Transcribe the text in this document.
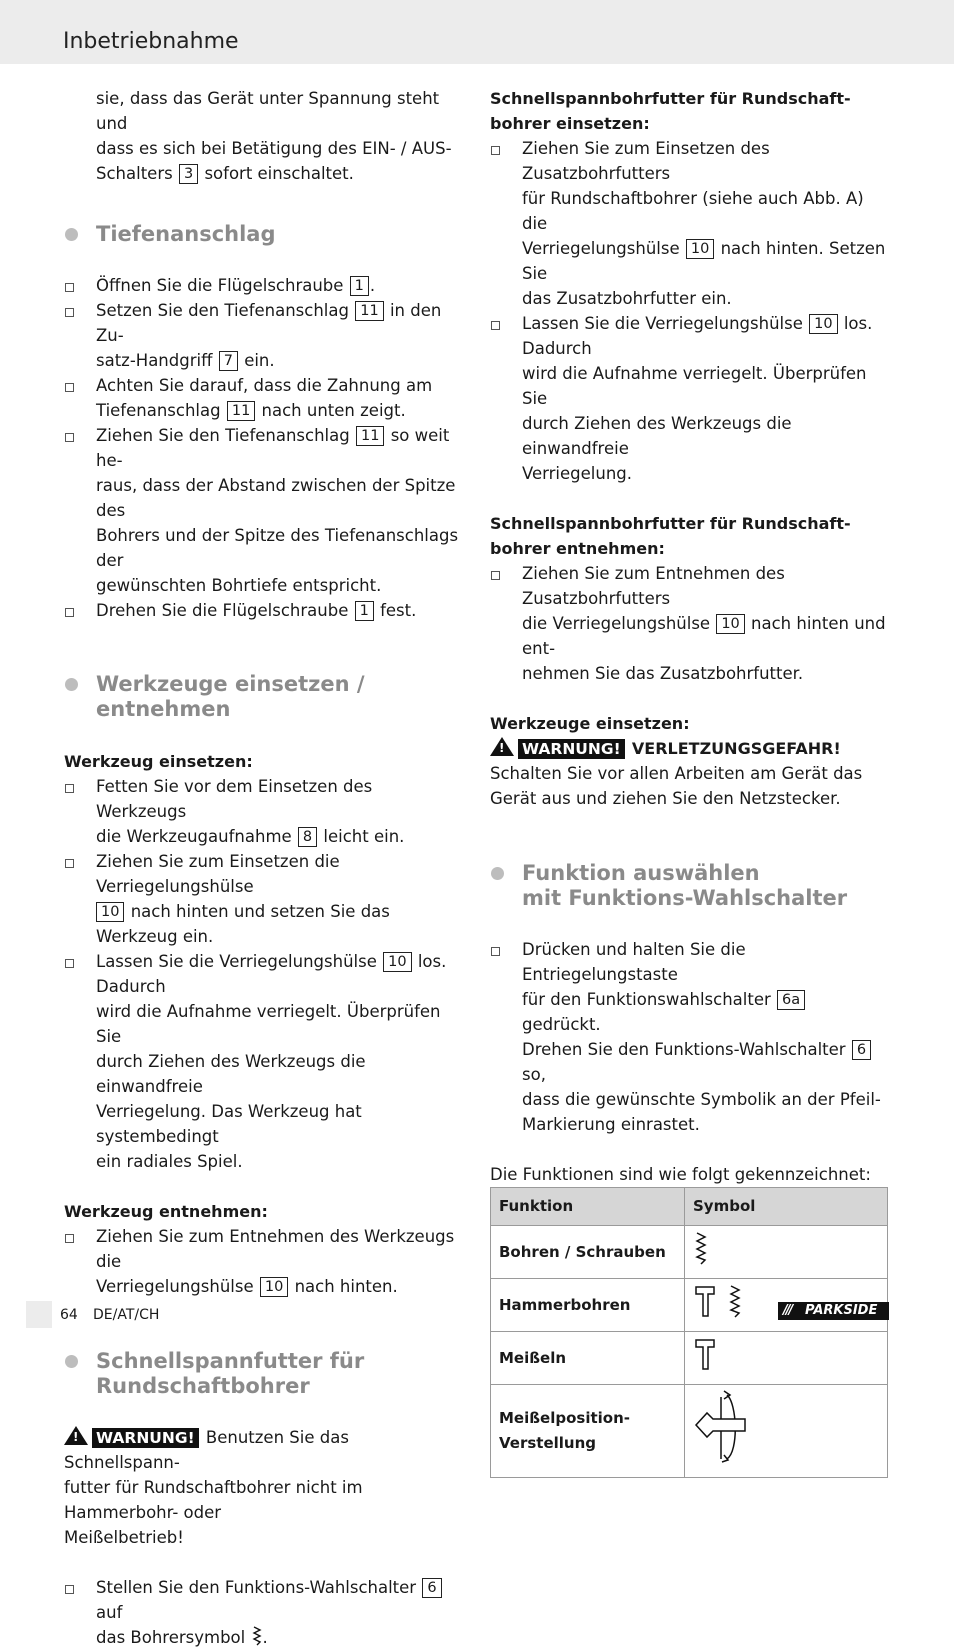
Inbetriebnahme
sie, dass das Gerät unter Spannung steht und
dass es sich bei Betätigung des EIN- / AUS-
Schalters 3 sofort einschaltet.
Tiefenanschlag
Öffnen Sie die Flügelschraube 1 .
Setzen Sie den Tiefenanschlag 11 in den Zu-
satz-Handgriff 7 ein.
Achten Sie darauf, dass die Zahnung am
Tiefenanschlag 11 nach unten zeigt.
Ziehen Sie den Tiefenanschlag 11 so weit he-
raus, dass der Abstand zwischen der Spitze des
Bohrers und der Spitze des Tiefenanschlags der
gewünschten Bohrtiefe entspricht.
Drehen Sie die Flügelschraube 1 fest.
Werkzeuge einsetzen /
entnehmen
Werkzeug einsetzen:
Fetten Sie vor dem Einsetzen des Werkzeugs
die Werkzeugaufnahme 8 leicht ein.
Ziehen Sie zum Einsetzen die Verriegelungshülse
10 nach hinten und setzen Sie das Werkzeug ein.
Lassen Sie die Verriegelungshülse 10 los. Dadurch
wird die Aufnahme verriegelt. Überprüfen Sie
durch Ziehen des Werkzeugs die einwandfreie
Verriegelung. Das Werkzeug hat systembedingt
ein radiales Spiel.
Werkzeug entnehmen:
Ziehen Sie zum Entnehmen des Werkzeugs die
Verriegelungshülse 10 nach hinten.
Schnellspannfutter für
Rundschaftbohrer
!WARNUNG! Benutzen Sie das Schnellspann-
futter für Rundschaftbohrer nicht im Hammerbohr- oder
Meißelbetrieb!
Stellen Sie den Funktions-Wahlschalter 6 auf
das Bohrersymbol .
Schnellspannbohrfutter für Rundschaft-
bohrer einsetzen:
Ziehen Sie zum Einsetzen des Zusatzbohrfutters
für Rundschaftbohrer (siehe auch Abb. A) die
Verriegelungshülse 10 nach hinten. Setzen Sie
das Zusatzbohrfutter ein.
Lassen Sie die Verriegelungshülse 10 los. Dadurch
wird die Aufnahme verriegelt. Überprüfen Sie
durch Ziehen des Werkzeugs die einwandfreie
Verriegelung.
Schnellspannbohrfutter für Rundschaft-
bohrer entnehmen:
Ziehen Sie zum Entnehmen des Zusatzbohrfutters
die Verriegelungshülse 10 nach hinten und ent-
nehmen Sie das Zusatzbohrfutter.
Werkzeuge einsetzen:
!WARNUNG! VERLETZUNGSGEFAHR!
Schalten Sie vor allen Arbeiten am Gerät das
Gerät aus und ziehen Sie den Netzstecker.
Funktion auswählen
mit Funktions-Wahlschalter
Drücken und halten Sie die Entriegelungstaste
für den Funktionswahlschalter 6a gedrückt.
Drehen Sie den Funktions-Wahlschalter 6 so,
dass die gewünschte Symbolik an der Pfeil-
Markierung einrastet.
Die Funktionen sind wie folgt gekennzeichnet:
Funktion	Symbol
Bohren / Schrauben	
Hammerbohren	
Meißeln	
Meißelposition-
Verstellung	
64 DE/AT/CH	/// PARKSIDE
